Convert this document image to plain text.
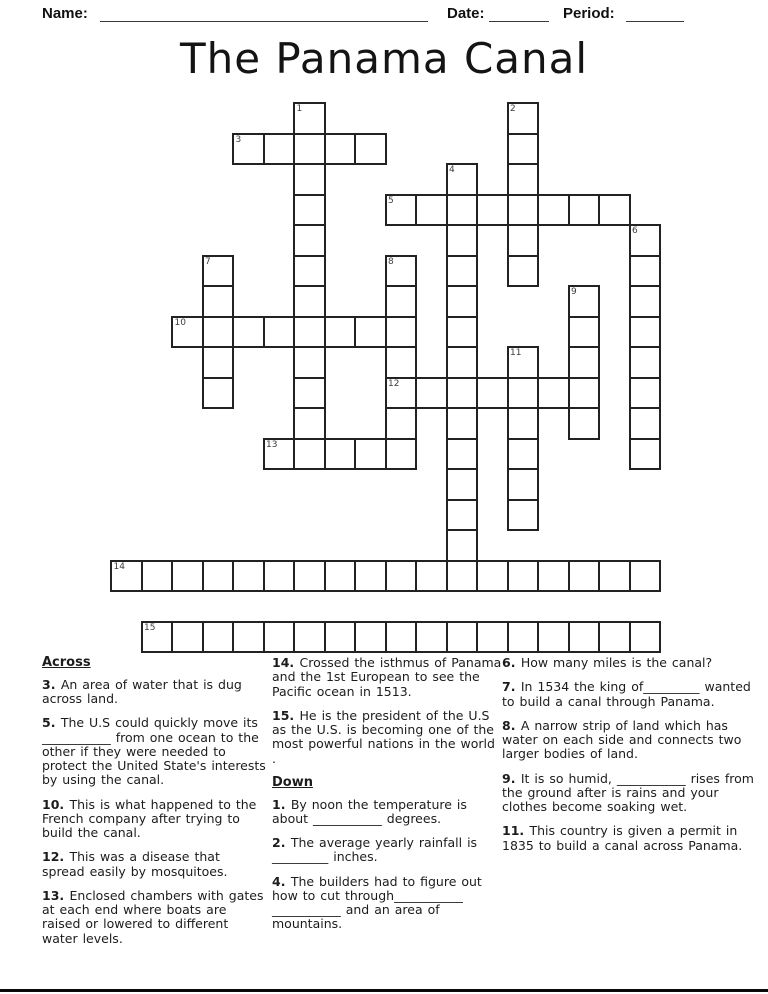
Name:	Date:	Period:
The Panama Canal
1	2
3
4
5
6
7	8
9
10
11
12
13
14
15
Across
3. An area of water that is dug across land.
5. The U.S could quickly move its ___________ from one ocean to the other if they were needed to protect the United State's interests by using the canal.
10. This is what happened to the French company after trying to build the canal.
12. This was a disease that spread easily by mosquitoes.
13. Enclosed chambers with gates at each end where boats are raised or lowered to different water levels.
14. Crossed the isthmus of Panama and the 1st European to see the Pacific ocean in 1513.
15. He is the president of the U.S as the U.S. is becoming one of the most powerful nations in the world .
Down
1. By noon the temperature is about ___________ degrees.
2. The average yearly rainfall is _________ inches.
4. The builders had to figure out how to cut through___________ ___________ and an area of mountains.
6. How many miles is the canal?
7. In 1534 the king of_________ wanted to build a canal through Panama.
8. A narrow strip of land which has water on each side and connects two larger bodies of land.
9. It is so humid, ___________ rises from the ground after is rains and your clothes become soaking wet.
11. This country is given a permit in 1835 to build a canal across Panama.
